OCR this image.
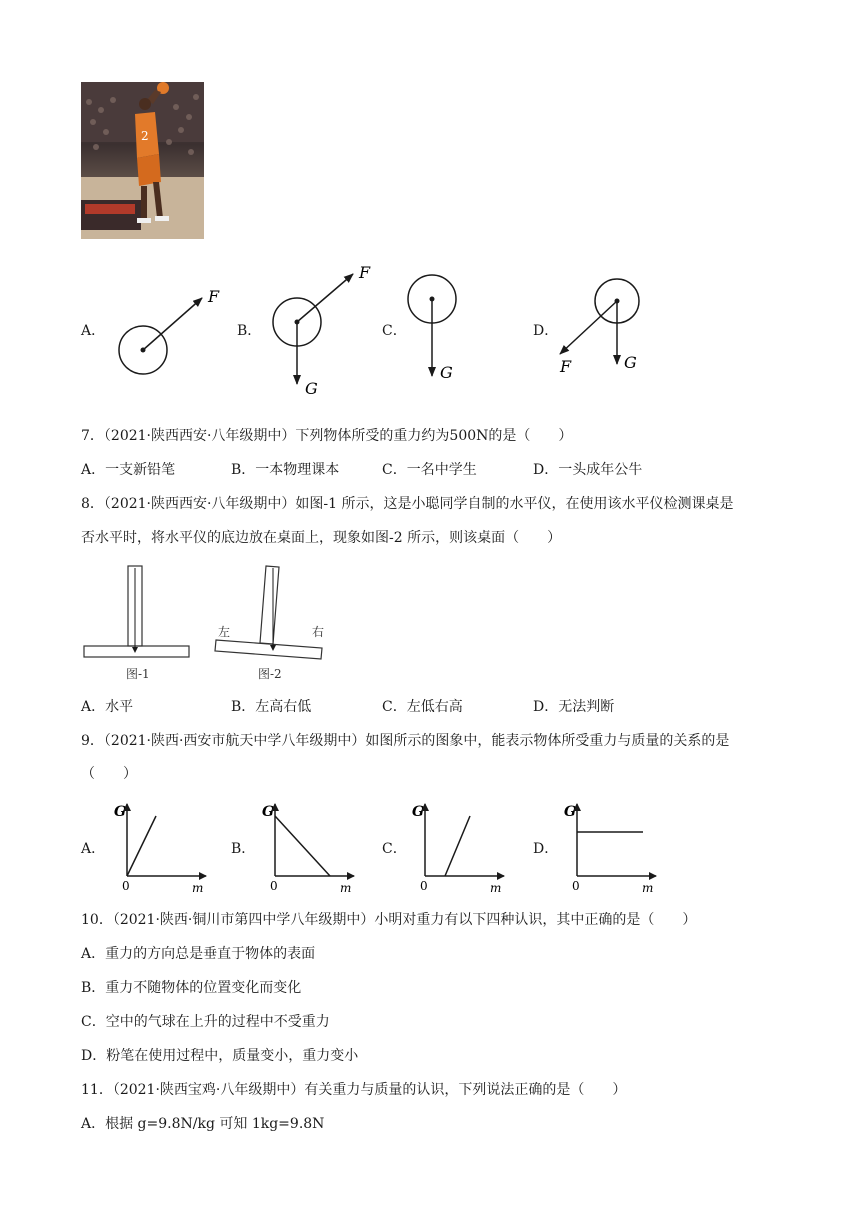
2
A．
F
B．
F
G
C．
G
D．
G
F
7．（2021·陕西西安·八年级期中）下列物体所受的重力约为500N的是（　　）
A．一支新铅笔	B．一本物理课本	C．一名中学生	D．一头成年公牛
8．（2021·陕西西安·八年级期中）如图-1 所示，这是小聪同学自制的水平仪，在使用该水平仪检测课桌是
否水平时，将水平仪的底边放在桌面上，现象如图-2 所示，则该桌面（　　）
图-1
左	右
图-2
A．水平	B．左高右低	C．左低右高	D．无法判断
9．（2021·陕西·西安市航天中学八年级期中）如图所示的图象中，能表示物体所受重力与质量的关系的是
（　　）
A．	B．	C．	D．
G
0	m
G
0	m
G
0	m
G
0	m
10．（2021·陕西·铜川市第四中学八年级期中）小明对重力有以下四种认识，其中正确的是（　　）
A．重力的方向总是垂直于物体的表面
B．重力不随物体的位置变化而变化
C．空中的气球在上升的过程中不受重力
D．粉笔在使用过程中，质量变小，重力变小
11．（2021·陕西宝鸡·八年级期中）有关重力与质量的认识，下列说法正确的是（　　）
A．根据 g=9.8N/kg 可知 1kg=9.8N
